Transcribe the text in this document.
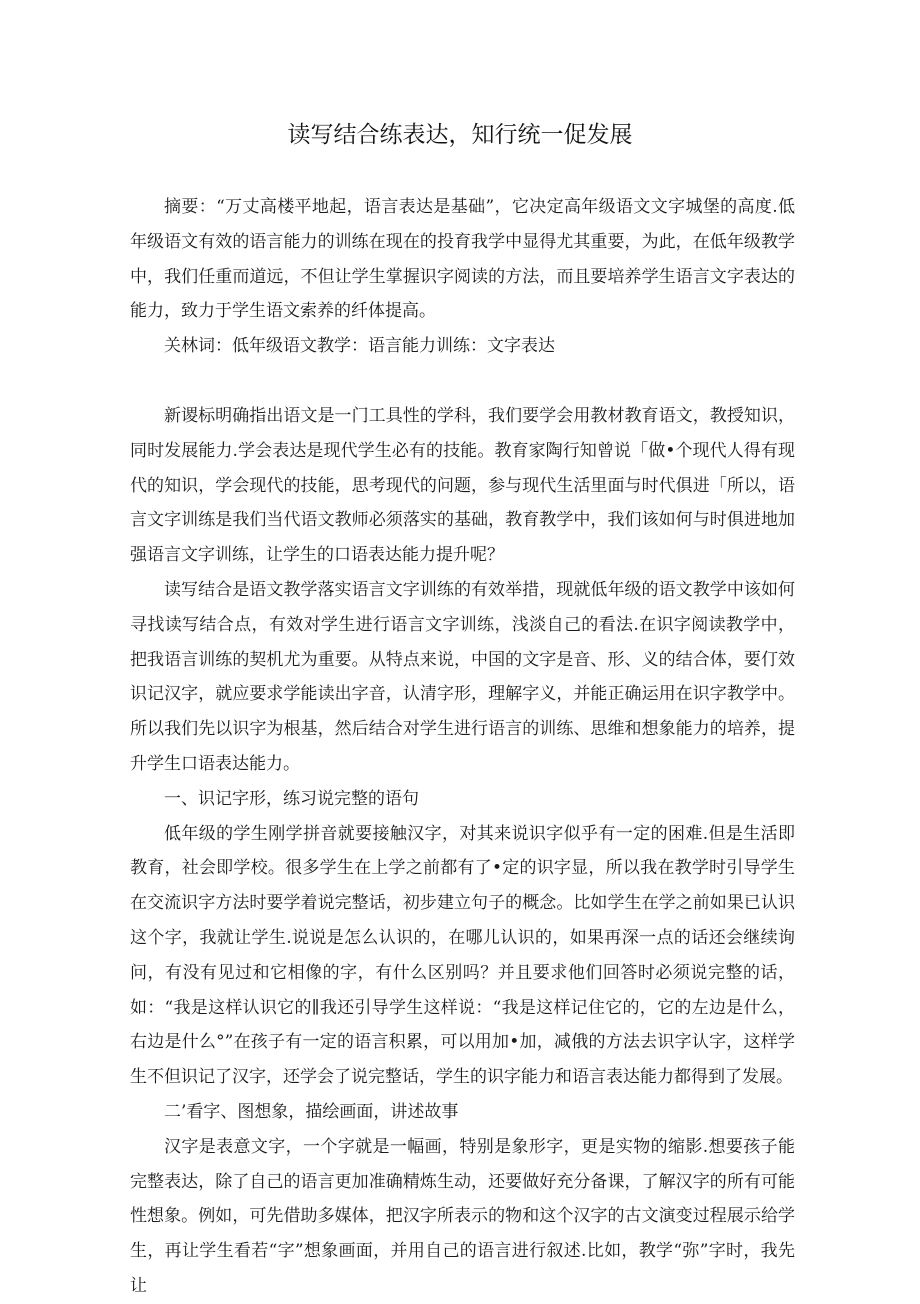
读写结合练表达，知行统一促发展

摘要：“万丈高楼平地起，语言表达是基础”，它决定高年级语文文字城堡的高度.低年级语文有效的语言能力的训练在现在的投育我学中显得尤其重要，为此，在低年级教学中，我们任重而道远，不但让学生掌握识字阅读的方法，而且要培养学生语言文字表达的能力，致力于学生语文索养的纤体提高。

关林词：低年级语文教学：语言能力训练：文字表达

新谡标明确指出语文是一门工具性的学科，我们要学会用教材教育语文，教授知识，同时发展能力.学会表达是现代学生必有的技能。教育家陶行知曾说「做•个现代人得有现代的知识，学会现代的技能，思考现代的问题，参与现代生活里面与时代俱进「所以，语言文字训练是我们当代语文教师必须落实的基础，教育教学中，我们该如何与时俱进地加强语言文字训练，让学生的口语表达能力提升呢？

读写结合是语文教学落实语言文字训练的有效举措，现就低年级的语文教学中该如何寻找读写结合点，有效对学生进行语言文字训练，浅淡自己的看法.在识字阅读教学中，把我语言训练的契机尤为重要。从特点来说，中国的文字是音、形、义的结合体，要仃效识记汉字，就应要求学能读出字音，认清字形，理解字义，并能正确运用在识字教学中。所以我们先以识字为根基，然后结合对学生进行语言的训练、思维和想象能力的培养，提升学生口语表达能力。

一、识记字形，练习说完整的语句

低年级的学生刚学拼音就要接触汉字，对其来说识字似乎有一定的困难.但是生活即教育，社会即学校。很多学生在上学之前都有了•定的识字显，所以我在教学时引导学生在交流识字方法时要学着说完整话，初步建立句子的概念。比如学生在学之前如果已认识这个字，我就让学生.说说是怎么认识的，在哪儿认识的，如果再深一点的话还会继续询问，有没有见过和它相像的字，有什么区别吗？并且要求他们回答时必须说完整的话，如：“我是这样认识它的∥我还引导学生这样说：“我是这样记住它的，它的左边是什么，右边是什么°”在孩子有一定的语言积累，可以用加•加，减俄的方法去识字认字，这样学生不但识记了汉字，还学会了说完整话，学生的识字能力和语言表达能力都得到了发展。

二’看字、图想象，描绘画面，讲述故事

汉字是表意文字，一个字就是一幅画，特别是象形字，更是实物的缩影.想要孩子能完整表达，除了自己的语言更加准确精炼生动，还要做好充分备课，了解汉字的所有可能性想象。例如，可先借助多媒体，把汉字所表示的物和这个汉字的古文演变过程展示给学生，再让学生看若“字”想象画面，并用自己的语言进行叙述.比如，教学“弥”字时，我先让
